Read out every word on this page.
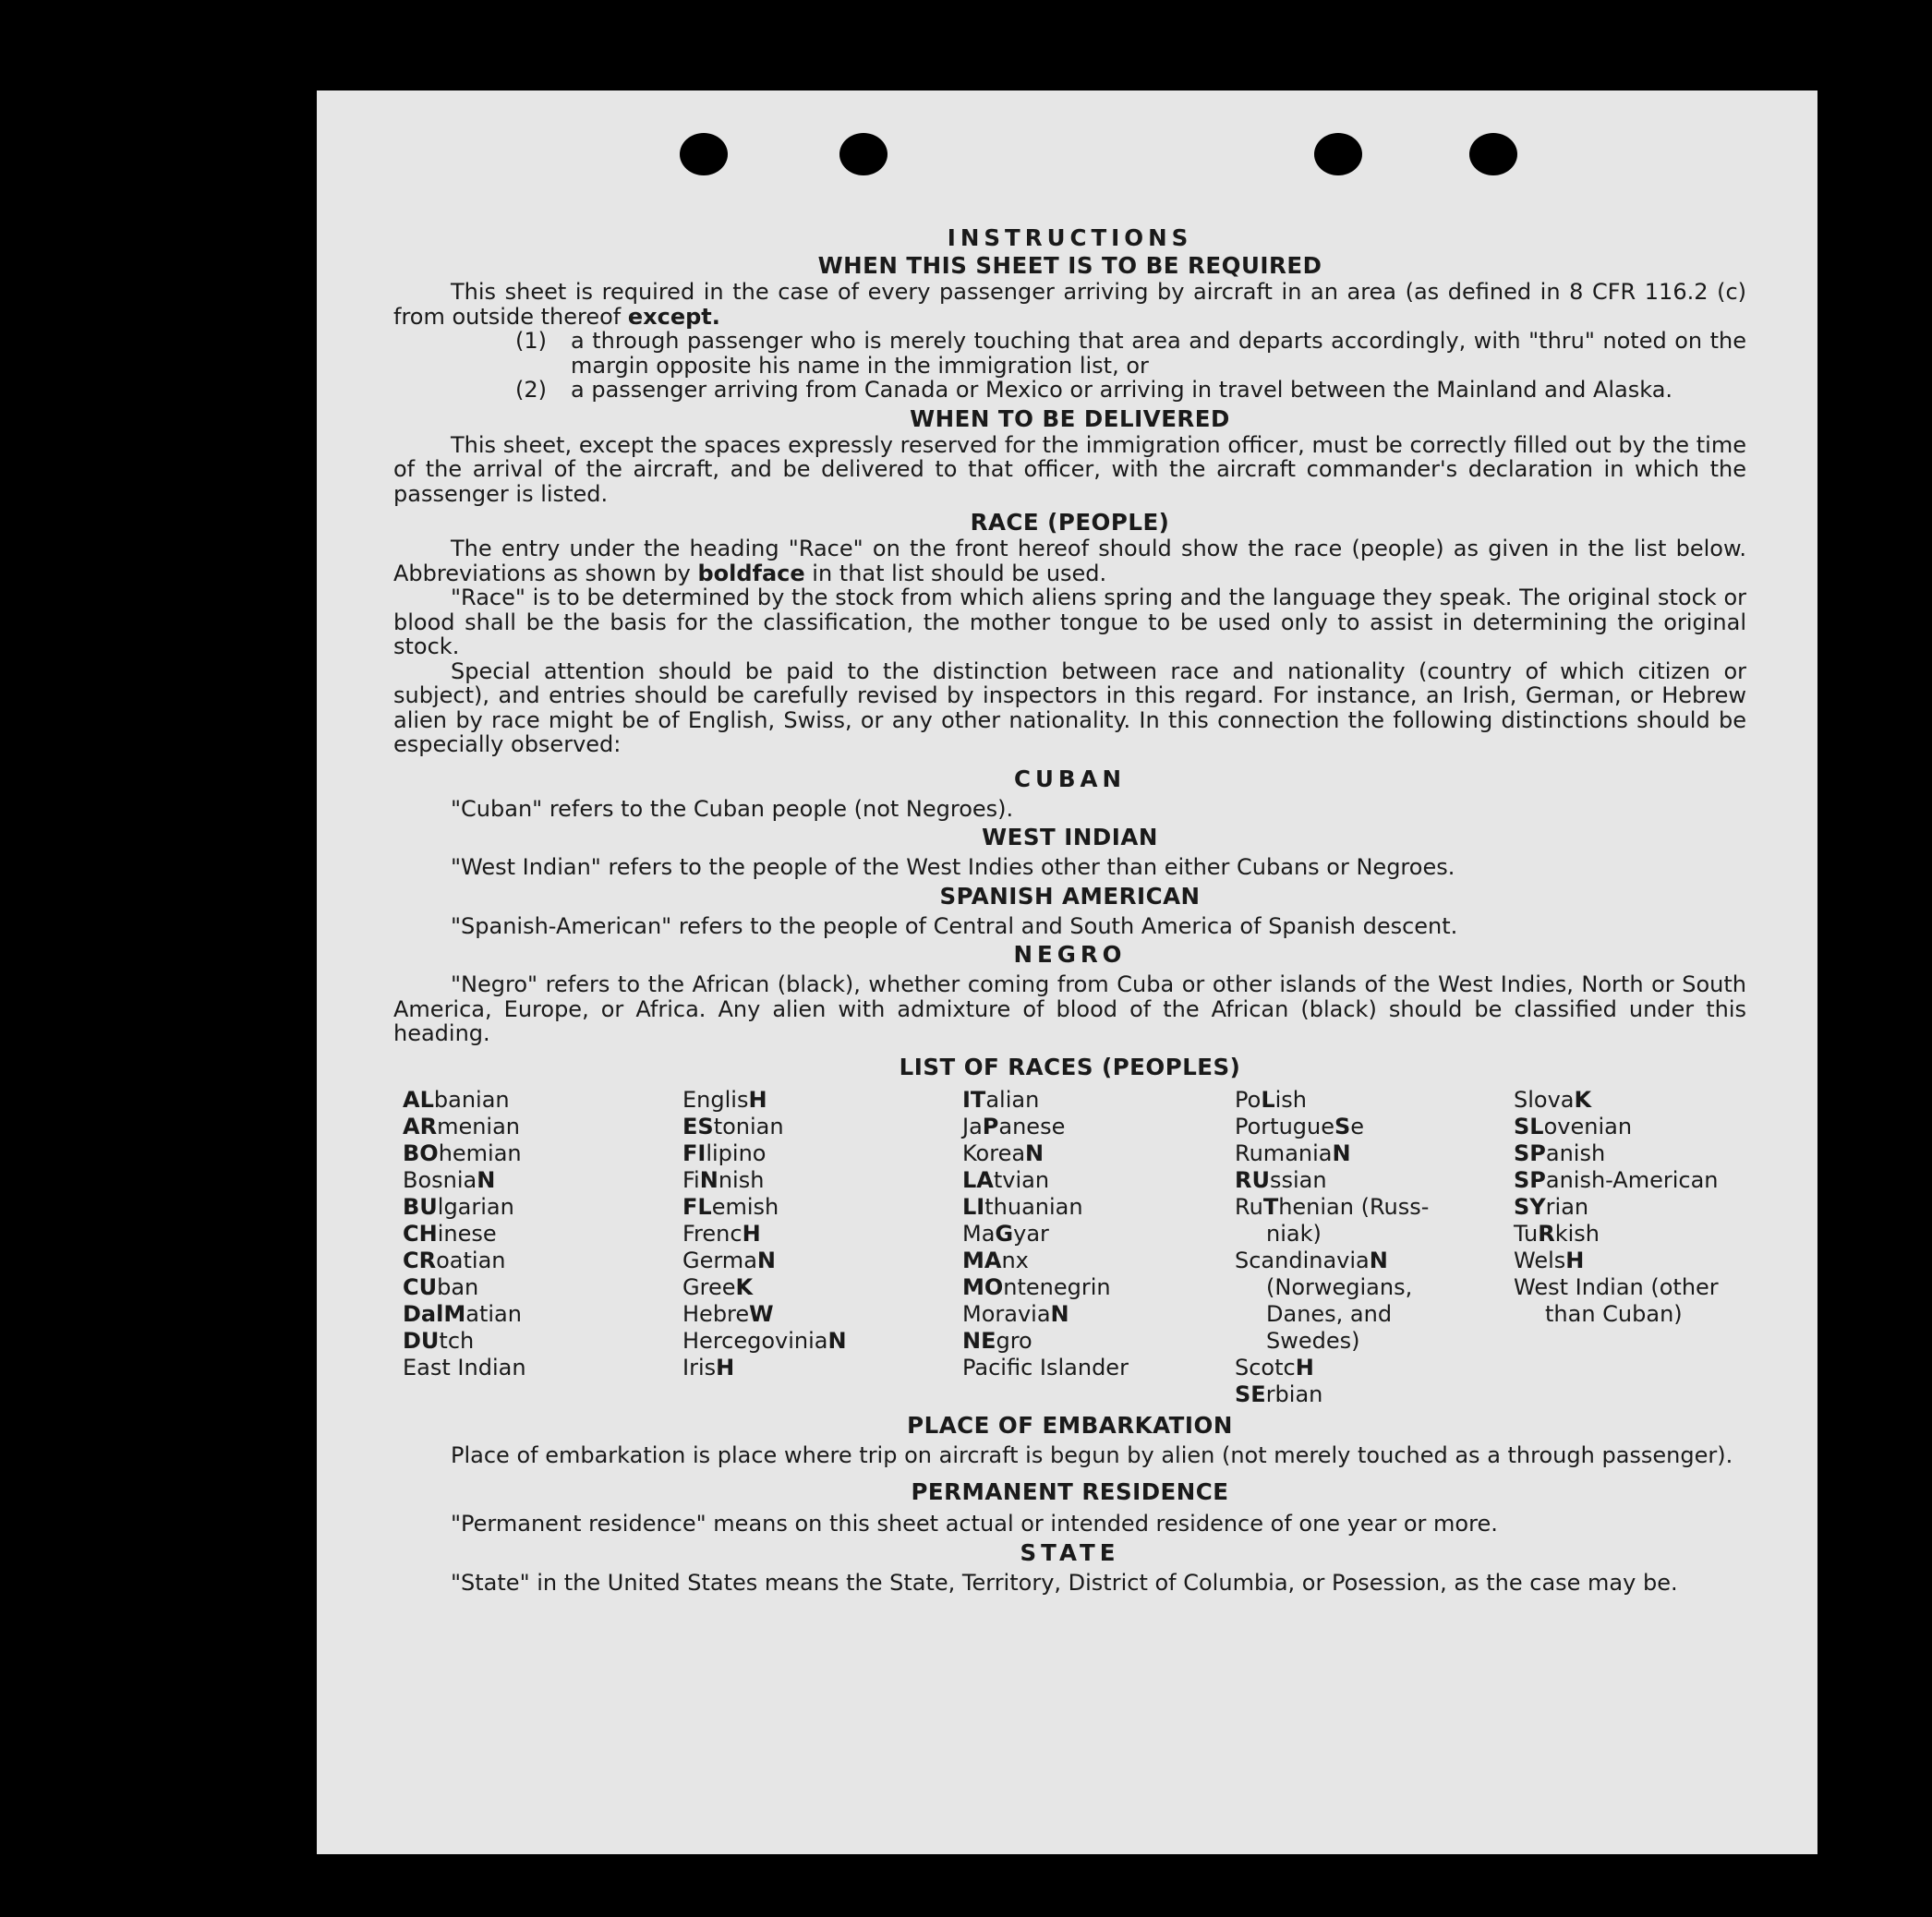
INSTRUCTIONS
WHEN THIS SHEET IS TO BE REQUIRED

This sheet is required in the case of every passenger arriving by aircraft in an area (as defined in 8 CFR 116.2 (c) from outside thereof except.

(1)	a through passenger who is merely touching that area and departs accordingly, with "thru" noted on the margin opposite his name in the immigration list, or
(2)	a passenger arriving from Canada or Mexico or arriving in travel between the Mainland and Alaska.
WHEN TO BE DELIVERED

This sheet, except the spaces expressly reserved for the immigration officer, must be correctly filled out by the time of the arrival of the aircraft, and be delivered to that officer, with the aircraft commander's declaration in which the passenger is listed.

RACE (PEOPLE)

The entry under the heading "Race" on the front hereof should show the race (people) as given in the list below. Abbreviations as shown by boldface in that list should be used.

"Race" is to be determined by the stock from which aliens spring and the language they speak. The original stock or blood shall be the basis for the classification, the mother tongue to be used only to assist in determining the original stock.

Special attention should be paid to the distinction between race and nationality (country of which citizen or subject), and entries should be carefully revised by inspectors in this regard. For instance, an Irish, German, or Hebrew alien by race might be of English, Swiss, or any other nationality. In this connection the following distinctions should be especially observed:

CUBAN

"Cuban" refers to the Cuban people (not Negroes).

WEST INDIAN

"West Indian" refers to the people of the West Indies other than either Cubans or Negroes.

SPANISH AMERICAN

"Spanish-American" refers to the people of Central and South America of Spanish descent.

NEGRO

"Negro" refers to the African (black), whether coming from Cuba or other islands of the West Indies, North or South America, Europe, or Africa. Any alien with admixture of blood of the African (black) should be classified under this heading.

LIST OF RACES (PEOPLES)
ALbanian
ARmenian
BOhemian
BosniaN
BUlgarian
CHinese
CRoatian
CUban
DalMatian
DUtch
East Indian
EnglisH
EStonian
FIlipino
FiNnish
FLemish
FrencH
GermaN
GreeK
HebreW
HercegoviniaN
IrisH
ITalian
JaPanese
KoreaN
LAtvian
LIthuanian
MaGyar
MAnx
MOntenegrin
MoraviaN
NEgro
Pacific Islander
PoLish
PortugueSe
RumaniaN
RUssian
RuThenian (Russ-
niak)
ScandinaviaN
(Norwegians,
Danes, and
Swedes)
ScotcH
SErbian
SlovaK
SLovenian
SPanish
SPanish-American
SYrian
TuRkish
WelsH
West Indian (other
than Cuban)
PLACE OF EMBARKATION

Place of embarkation is place where trip on aircraft is begun by alien (not merely touched as a through passenger).

PERMANENT RESIDENCE

"Permanent residence" means on this sheet actual or intended residence of one year or more.

STATE

"State" in the United States means the State, Territory, District of Columbia, or Posession, as the case may be.
